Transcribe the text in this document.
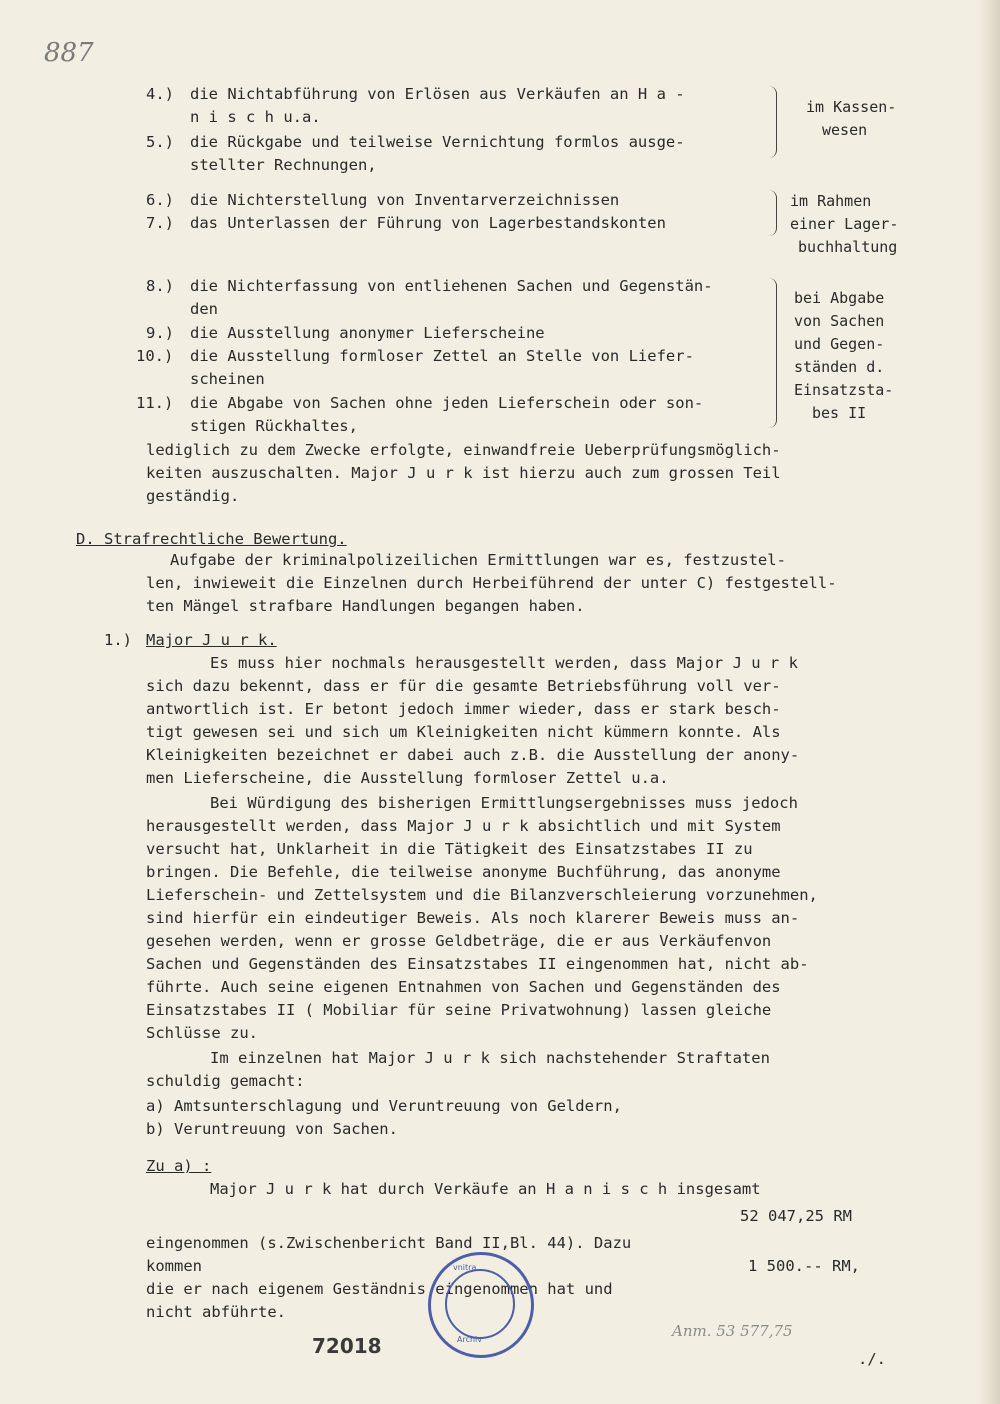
887
4.) die Nichtabführung von Erlösen aus Verkäufen an H a -
n i s c h u.a.
5.) die Rückgabe und teilweise Vernichtung formlos ausge-
stellter Rechnungen,
6.) die Nichterstellung von Inventarverzeichnissen
7.) das Unterlassen der Führung von Lagerbestandskonten
8.) die Nichterfassung von entliehenen Sachen und Gegenstän-
den
9.) die Ausstellung anonymer Lieferscheine
10.) die Ausstellung formloser Zettel an Stelle von Liefer-
scheinen
11.) die Abgabe von Sachen ohne jeden Lieferschein oder son-
stigen Rückhaltes,
im Kassen-
wesen
im Rahmen
einer Lager-
buchhaltung
bei Abgabe
von Sachen
und Gegen-
ständen d.
Einsatzsta-
bes II
lediglich zu dem Zwecke erfolgte, einwandfreie Ueberprüfungsmöglich-
keiten auszuschalten. Major J u r k ist hierzu auch zum grossen Teil
geständig.
D. Strafrechtliche Bewertung.
Aufgabe der kriminalpolizeilichen Ermittlungen war es, festzustel-
len, inwieweit die Einzelnen durch Herbeiführend der unter C) festgestell-
ten Mängel strafbare Handlungen begangen haben.
1.) Major J u r k.
Es muss hier nochmals herausgestellt werden, dass Major J u r k
sich dazu bekennt, dass er für die gesamte Betriebsführung voll ver-
antwortlich ist. Er betont jedoch immer wieder, dass er stark besch-
tigt gewesen sei und sich um Kleinigkeiten nicht kümmern konnte. Als
Kleinigkeiten bezeichnet er dabei auch z.B. die Ausstellung der anony-
men Lieferscheine, die Ausstellung formloser Zettel u.a.
Bei Würdigung des bisherigen Ermittlungsergebnisses muss jedoch
herausgestellt werden, dass Major J u r k absichtlich und mit System
versucht hat, Unklarheit in die Tätigkeit des Einsatzstabes II zu
bringen. Die Befehle, die teilweise anonyme Buchführung, das anonyme
Lieferschein- und Zettelsystem und die Bilanzverschleierung vorzunehmen,
sind hierfür ein eindeutiger Beweis. Als noch klarerer Beweis muss an-
gesehen werden, wenn er grosse Geldbeträge, die er aus Verkäufenvon
Sachen und Gegenständen des Einsatzstabes II eingenommen hat, nicht ab-
führte. Auch seine eigenen Entnahmen von Sachen und Gegenständen des
Einsatzstabes II ( Mobiliar für seine Privatwohnung) lassen gleiche
Schlüsse zu.
Im einzelnen hat Major J u r k sich nachstehender Straftaten
schuldig gemacht:
a) Amtsunterschlagung und Veruntreuung von Geldern,
b) Veruntreuung von Sachen.
Zu a) :
Major J u r k hat durch Verkäufe an H a n i s c h insgesamt
52 047,25 RM
eingenommen (s.Zwischenbericht Band II,Bl. 44). Dazu
kommen	1 500.-- RM,
die er nach eigenem Geständnis eingenommen hat und
nicht abführte.
vnitra
Archiv
72018
Anm. 53 577,75
./.
